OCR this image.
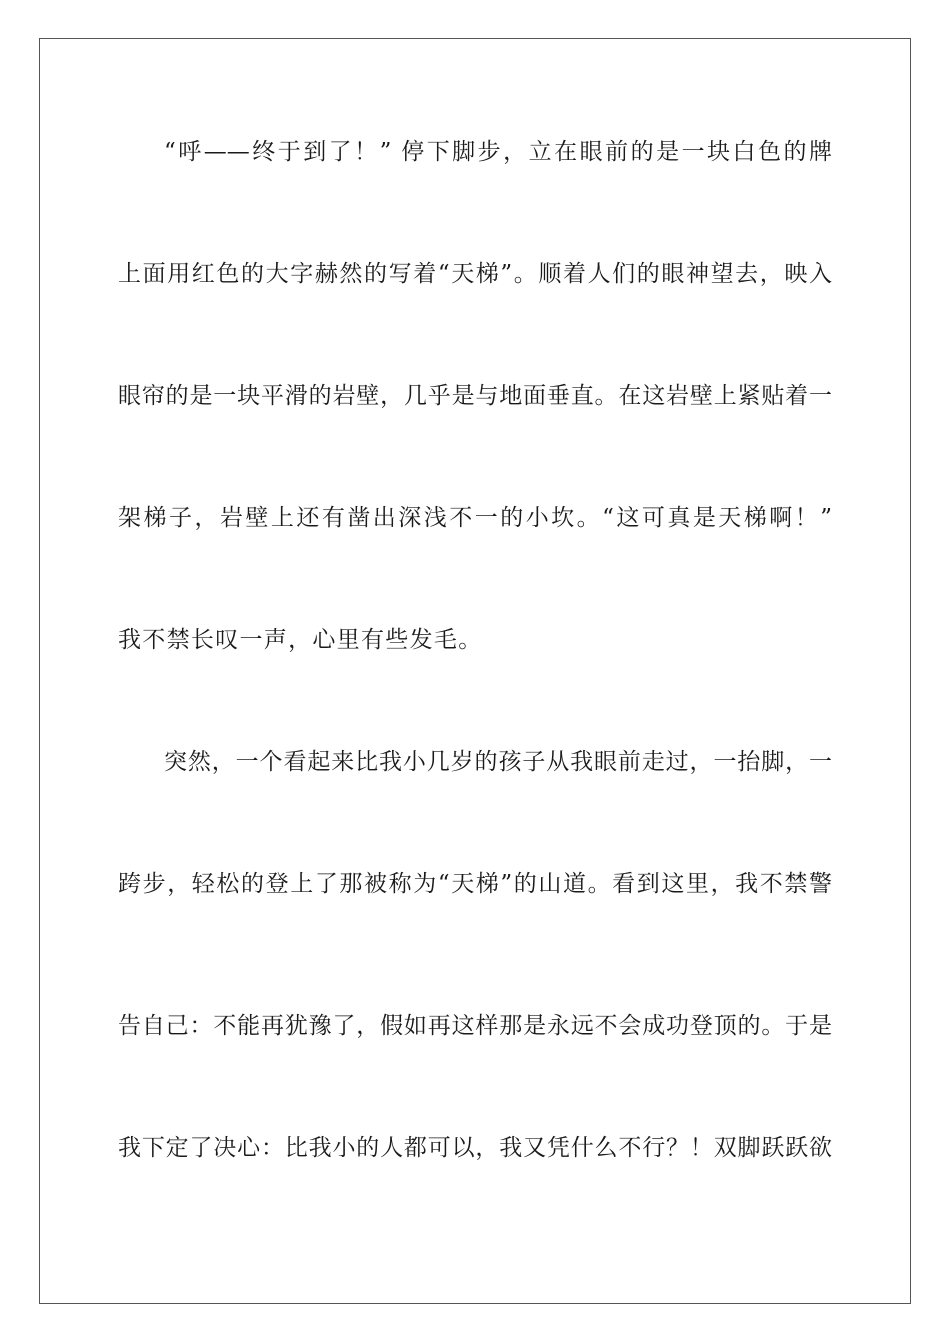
“呼——终于到了！” 停下脚步，立在眼前的是一块白色的牌
上面用红色的大字赫然的写着“天梯”。顺着人们的眼神望去，映入
眼帘的是一块平滑的岩壁，几乎是与地面垂直。在这岩壁上紧贴着一
架梯子，岩壁上还有凿出深浅不一的小坎。“这可真是天梯啊！”
我不禁长叹一声，心里有些发毛。
突然，一个看起来比我小几岁的孩子从我眼前走过，一抬脚，一
跨步，轻松的登上了那被称为“天梯”的山道。看到这里，我不禁警
告自己：不能再犹豫了，假如再这样那是永远不会成功登顶的。于是
我下定了决心：比我小的人都可以，我又凭什么不行？！双脚跃跃欲
